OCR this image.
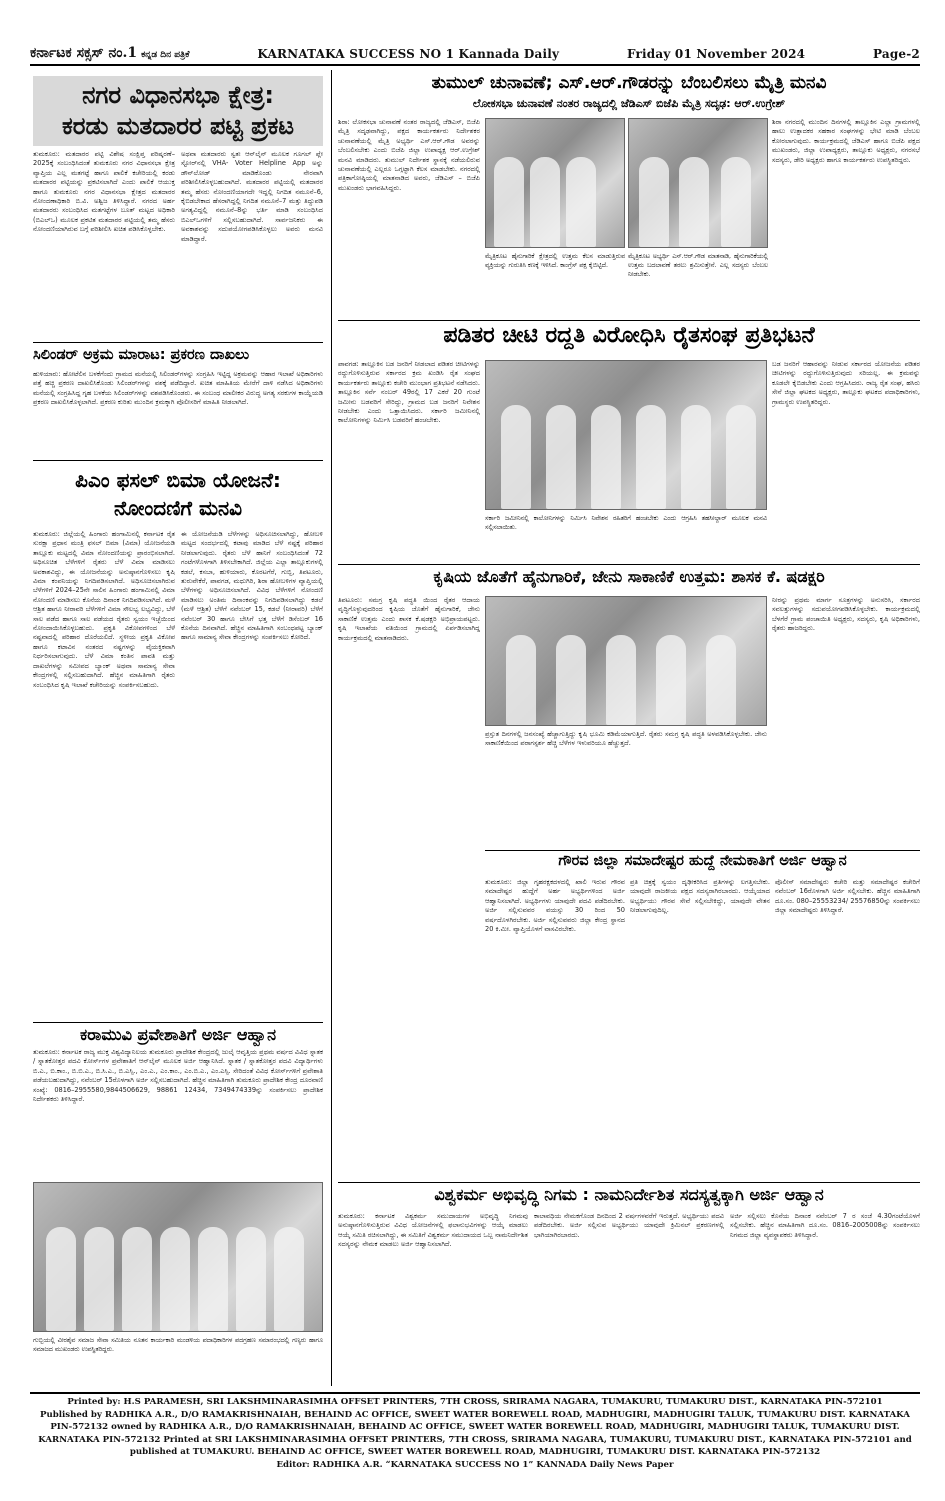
ಕರ್ನಾಟಕ ಸಕ್ಸಸ್ ನಂ.1 ಕನ್ನಡ ದಿನ ಪತ್ರಿಕೆ	KARNATAKA SUCCESS NO 1 Kannada Daily	Friday 01 November 2024	Page-2
ನಗರ ವಿಧಾನಸಭಾ ಕ್ಷೇತ್ರ:
ಕರಡು ಮತದಾರರ ಪಟ್ಟಿ ಪ್ರಕಟ
ತುಮಕೂರು: ಮತದಾರರ ಪಟ್ಟಿ ವಿಶೇಷ ಸಂಕ್ಷಿಪ್ತ ಪರಿಷ್ಕರಣೆ–2025ಕ್ಕೆ ಸಂಬಂಧಿಸಿದಂತೆ ತುಮಕೂರು ನಗರ ವಿಧಾನಸಭಾ ಕ್ಷೇತ್ರ ವ್ಯಾಪ್ತಿಯ ಎಲ್ಲ ಮತಗಟ್ಟೆ ಹಾಗೂ ಪಾಲಿಕೆ ಕಚೇರಿಯಲ್ಲಿ ಕರಡು ಮತದಾರರ ಪಟ್ಟಿಯನ್ನು ಪ್ರಕಟಿಸಲಾಗಿದೆ ಎಂದು ಪಾಲಿಕೆ ಆಯುಕ್ತ ಹಾಗೂ ತುಮಕೂರು ನಗರ ವಿಧಾನಸಭಾ ಕ್ಷೇತ್ರದ ಮತದಾರರ ನೋಂದಣಾಧಿಕಾರಿ ಬಿ.ವಿ. ಅಶ್ವಿಜ ತಿಳಿಸಿದ್ದಾರೆ. ನಗರದ ಅರ್ಹ ಮತದಾರರು ಸಂಬಂಧಿಸಿದ ಮತಗಟ್ಟೆಗಳ ಬೂತ್ ಮಟ್ಟದ ಅಧಿಕಾರಿ (ಬಿಎಲ್‌ಒ) ಮೂಲಕ ಪ್ರಕಟಿತ ಮತದಾರರ ಪಟ್ಟಿಯಲ್ಲಿ ತಮ್ಮ ಹೆಸರು ನೋಂದಣಿಯಾಗಿರುವ ಬಗ್ಗೆ ಪರಿಶೀಲಿಸಿ ಖಚಿತ ಪಡಿಸಿಕೊಳ್ಳಬೇಕು.
ಅಥವಾ ಮತದಾರರು ಸ್ವತಃ ಆನ್‌ಲೈನ್ ಮೂಲಕ ಗೂಗಲ್ ಪ್ಲೇ ಸ್ಟೋರ್‌ನಲ್ಲಿ VHA- Voter Helpline App ಅನ್ನು ಡೌನ್‌ಲೋಡ್ ಮಾಡಿಕೊಂಡು ನೇರವಾಗಿ ಪರಿಶೀಲಿಸಿಕೊಳ್ಳಬಹುದಾಗಿದೆ. ಮತದಾರರ ಪಟ್ಟಿಯಲ್ಲಿ ಮತದಾರರ ತಮ್ಮ ಹೆಸರು ನೋಂದಣಿಯಾಗದೇ ಇದ್ದಲ್ಲಿ ನಿಗದಿತ ನಮೂನೆ–6, ಕೈಬಿಡಬೇಕಾದ ಹೆಸರಾಗಿದ್ದಲ್ಲಿ ನಿಗದಿತ ನಮೂನೆ–7 ಮತ್ತು ತಿದ್ದುಪಡಿ ಅಗತ್ಯವಿದ್ದಲ್ಲಿ ನಮೂನೆ–8ನ್ನು ಭರ್ತಿ ಮಾಡಿ ಸಂಬಂಧಿಸಿದ ಬಿಎಲ್‌ಒಗಳಿಗೆ ಸಲ್ಲಿಸಬಹುದಾಗಿದೆ. ಸಾರ್ವಜನಿಕರು ಈ ಅವಕಾಶವನ್ನು ಸದುಪಯೋಗಪಡಿಸಿಕೊಳ್ಳಲು ಅವರು ಮನವಿ ಮಾಡಿದ್ದಾರೆ.
ಸಿಲಿಂಡರ್ ಅಕ್ರಮ ಮಾರಾಟ: ಪ್ರಕರಣ ದಾಖಲು
ಹುಳಿಯಾರು: ಹೋಟೆಲಿನ ಬಳಕೆಗೆಂದು ಗ್ರಾಮದ ಮನೆಯಲ್ಲಿ ಸಿಲಿಂಡರ್‌ಗಳನ್ನು ಸಂಗ್ರಹಿಸಿ ಇಟ್ಟಿದ್ದ ಅಕ್ರಮವನ್ನು ಆಹಾರ ಇಲಾಖೆ ಅಧಿಕಾರಿಗಳು ಪತ್ತೆ ಹಚ್ಚಿ ಪ್ರಕರಣ ದಾಖಲಿಸಿಕೊಂಡು ಸಿಲಿಂಡರ್‌ಗಳನ್ನು ವಶಕ್ಕೆ ಪಡೆದಿದ್ದಾರೆ. ಖಚಿತ ಮಾಹಿತಿಯ ಮೇರೆಗೆ ದಾಳಿ ನಡೆಸಿದ ಅಧಿಕಾರಿಗಳು ಮನೆಯಲ್ಲಿ ಸಂಗ್ರಹಿಸಿದ್ದ ಗೃಹ ಬಳಕೆಯ ಸಿಲಿಂಡರ್‌ಗಳನ್ನು ವಶಪಡಿಸಿಕೊಂಡರು. ಈ ಸಂಬಂಧ ಮಾಲೀಕರ ವಿರುದ್ಧ ಅಗತ್ಯ ಸರಕುಗಳ ಕಾಯ್ದೆಯಡಿ ಪ್ರಕರಣ ದಾಖಲಿಸಿಕೊಳ್ಳಲಾಗಿದೆ. ಪ್ರಕರಣ ಕುರಿತು ಮುಂದಿನ ಕ್ರಮಕ್ಕಾಗಿ ಪೊಲೀಸರಿಗೆ ಮಾಹಿತಿ ನೀಡಲಾಗಿದೆ.
ಪಿಎಂ ಫಸಲ್ ಬಿಮಾ ಯೋಜನೆ:
ನೋಂದಣಿಗೆ ಮನವಿ
ತುಮಕೂರು: ಜಿಲ್ಲೆಯಲ್ಲಿ ಹಿಂಗಾರು ಹಂಗಾಮಿನಲ್ಲಿ ಕರ್ನಾಟಕ ರೈತ ಸುರಕ್ಷಾ ಪ್ರಧಾನ ಮಂತ್ರಿ ಫಸಲ್ ಬಿಮಾ (ವಿಮಾ) ಯೋಜನೆಯಡಿ ತಾಲ್ಲೂಕು ಮಟ್ಟದಲ್ಲಿ ವಿಮಾ ನೋಂದಣಿಯನ್ನು ಪ್ರಾರಂಭಿಸಲಾಗಿದೆ. ಅಧಿಸೂಚಿತ ಬೆಳೆಗಳಿಗೆ ರೈತರು ಬೆಳೆ ವಿಮಾ ಮಾಡಿಸಲು ಅವಕಾಶವಿದ್ದು, ಈ ಯೋಜನೆಯನ್ನು ಅನುಷ್ಠಾನಗೊಳಿಸಲು ಕೃಷಿ ವಿಮಾ ಕಂಪನಿಯನ್ನು ನಿಗದಿಪಡಿಸಲಾಗಿದೆ. ಅಧಿಸೂಚಿಸಲಾಗಿರುವ ಬೆಳೆಗಳಿಗೆ 2024–25ನೇ ಸಾಲಿನ ಹಿಂಗಾರು ಹಂಗಾಮಿನಲ್ಲಿ ವಿಮಾ ನೋಂದಣಿ ಮಾಡಿಸಲು ಕೊನೆಯ ದಿನಾಂಕ ನಿಗದಿಪಡಿಸಲಾಗಿದೆ. ಮಳೆ ಆಶ್ರಿತ ಹಾಗೂ ನೀರಾವರಿ ಬೆಳೆಗಳಿಗೆ ವಿಮಾ ಸೌಲಭ್ಯ ಲಭ್ಯವಿದ್ದು, ಬೆಳೆ ಸಾಲ ಪಡೆದ ಹಾಗೂ ಸಾಲ ಪಡೆಯದ ರೈತರು ಸ್ವಯಂ ಇಚ್ಛೆಯಿಂದ ನೋಂದಾಯಿಸಿಕೊಳ್ಳಬಹುದು. ಪ್ರಕೃತಿ ವಿಕೋಪಗಳಿಂದ ಬೆಳೆ ನಷ್ಟವಾದಲ್ಲಿ ಪರಿಹಾರ ದೊರೆಯಲಿದೆ. ಸ್ಥಳೀಯ ಪ್ರಕೃತಿ ವಿಕೋಪ ಹಾಗೂ ಕಟಾವಿನ ನಂತರದ ನಷ್ಟಗಳನ್ನು ವೈಯಕ್ತಿಕವಾಗಿ ನಿರ್ಧರಿಸಲಾಗುವುದು. ಬೆಳೆ ವಿಮಾ ಕಂತಿನ ಪಾವತಿ ಮತ್ತು ದಾಖಲೆಗಳನ್ನು ಸಮೀಪದ ಬ್ಯಾಂಕ್ ಅಥವಾ ಸಾಮಾನ್ಯ ಸೇವಾ ಕೇಂದ್ರಗಳಲ್ಲಿ ಸಲ್ಲಿಸಬಹುದಾಗಿದೆ. ಹೆಚ್ಚಿನ ಮಾಹಿತಿಗಾಗಿ ರೈತರು ಸಂಬಂಧಿಸಿದ ಕೃಷಿ ಇಲಾಖೆ ಕಚೇರಿಯನ್ನು ಸಂಪರ್ಕಿಸಬಹುದು.
ಈ ಯೋಜನೆಯಡಿ ಬೆಳೆಗಳನ್ನು ಅಧಿಸೂಚಿಸಲಾಗಿದ್ದು, ಹೋಬಳಿ ಮಟ್ಟದ ಸಂದರ್ಭದಲ್ಲಿ ಕಟಾವು ಮಾಡಿದ ಬೆಳೆ ನಷ್ಟಕ್ಕೆ ಪರಿಹಾರ ನೀಡಲಾಗುವುದು. ರೈತರು ಬೆಳೆ ಹಾನಿಗೆ ಸಂಬಂಧಿಸಿದಂತೆ 72 ಗಂಟೆಗಳೊಳಗಾಗಿ ತಿಳಿಸಬೇಕಾಗಿದೆ. ಜಿಲ್ಲೆಯ ಎಲ್ಲಾ ತಾಲ್ಲೂಕುಗಳಲ್ಲಿ ಕಡಲೆ, ಕಸಬಾ, ಹುಳಿಯಾರು, ಕೊರಟಗೆರೆ, ಗುಬ್ಬಿ, ತಿಪಟೂರು, ತುರುವೇಕೆರೆ, ಪಾವಗಡ, ಮಧುಗಿರಿ, ಶಿರಾ ಹೋಬಳಿಗಳ ವ್ಯಾಪ್ತಿಯಲ್ಲಿ ಬೆಳೆಗಳನ್ನು ಅಧಿಸೂಚಿಸಲಾಗಿದೆ. ವಿವಿಧ ಬೆಳೆಗಳಿಗೆ ನೋಂದಣಿ ಮಾಡಿಸಲು ಅಂತಿಮ ದಿನಾಂಕವನ್ನು ನಿಗದಿಪಡಿಸಲಾಗಿದ್ದು ಕಡಲೆ (ಮಳೆ ಆಶ್ರಿತ) ಬೆಳೆಗೆ ನವೆಂಬರ್ 15, ಕಡಲೆ (ನೀರಾವರಿ) ಬೆಳೆಗೆ ನವೆಂಬರ್ 30 ಹಾಗೂ ಬೇಸಿಗೆ ಭತ್ತ ಬೆಳೆಗೆ ಡಿಸೆಂಬರ್ 16 ಕೊನೆಯ ದಿನವಾಗಿದೆ. ಹೆಚ್ಚಿನ ಮಾಹಿತಿಗಾಗಿ ಸಂಬಂಧಪಟ್ಟ ಬ್ಯಾಂಕ್ ಹಾಗೂ ಸಾಮಾನ್ಯ ಸೇವಾ ಕೇಂದ್ರಗಳನ್ನು ಸಂಪರ್ಕಿಸಲು ಕೋರಿದೆ.
ಕರಾಮುವಿ ಪ್ರವೇಶಾತಿಗೆ ಅರ್ಜಿ ಆಹ್ವಾನ
ತುಮಕೂರು: ಕರ್ನಾಟಕ ರಾಜ್ಯ ಮುಕ್ತ ವಿಶ್ವವಿದ್ಯಾನಿಲಯ ತುಮಕೂರು ಪ್ರಾದೇಶಿಕ ಕೇಂದ್ರದಲ್ಲಿ ಜುಲೈ ಆವೃತ್ತಿಯ ಪ್ರಥಮ ವರ್ಷದ ವಿವಿಧ ಸ್ನಾತಕ / ಸ್ನಾತಕೋತ್ತರ ಪದವಿ ಕೋರ್ಸ್‌ಗಳ ಪ್ರವೇಶಾತಿಗೆ ಆನ್‌ಲೈನ್ ಮೂಲಕ ಅರ್ಜಿ ಆಹ್ವಾನಿಸಿದೆ. ಸ್ನಾತಕ / ಸ್ನಾತಕೋತ್ತರ ಪದವಿ ವಿದ್ಯಾರ್ಥಿಗಳು ಬಿ.ಎ., ಬಿ.ಕಾಂ., ಬಿ.ಬಿ.ಎ., ಬಿ.ಸಿ.ಎ., ಬಿ.ಎಸ್ಸಿ., ಎಂ.ಎ., ಎಂ.ಕಾಂ., ಎಂ.ಬಿ.ಎ., ಎಂ.ಎಸ್ಸಿ. ಸೇರಿದಂತೆ ವಿವಿಧ ಕೋರ್ಸ್‌ಗಳಿಗೆ ಪ್ರವೇಶಾತಿ ಪಡೆಯಬಹುದಾಗಿದ್ದು, ನವೆಂಬರ್ 15ರೊಳಗಾಗಿ ಅರ್ಜಿ ಸಲ್ಲಿಸಬಹುದಾಗಿದೆ. ಹೆಚ್ಚಿನ ಮಾಹಿತಿಗಾಗಿ ತುಮಕೂರು ಪ್ರಾದೇಶಿಕ ಕೇಂದ್ರ ದೂರವಾಣಿ ಸಂಖ್ಯೆ: 0816–2955580,9844506629, 98861 12434, 7349474339ನ್ನು ಸಂಪರ್ಕಿಸಲು ಪ್ರಾದೇಶಿಕ ನಿರ್ದೇಶಕರು ತಿಳಿಸಿದ್ದಾರೆ.
ಗುಬ್ಬಿಯಲ್ಲಿ ವೀರಶೈವ ಸಮಾಜ ಸೇವಾ ಸಮಿತಿಯ ನೂತನ ಕಾರ್ಯಕಾರಿ ಮಂಡಳಿಯ ಪದಾಧಿಕಾರಿಗಳ ಪದಗ್ರಹಣ ಸಮಾರಂಭದಲ್ಲಿ ಗಣ್ಯರು ಹಾಗೂ ಸಮಾಜದ ಮುಖಂಡರು ಉಪಸ್ಥಿತರಿದ್ದರು.
ತುಮುಲ್ ಚುನಾವಣೆ; ಎಸ್.ಆರ್.ಗೌಡರನ್ನು ಬೆಂಬಲಿಸಲು ಮೈತ್ರಿ ಮನವಿ
ಲೋಕಸಭಾ ಚುನಾವಣೆ ನಂತರ ರಾಜ್ಯದಲ್ಲಿ ಜೆಡಿಎಸ್ ಬಿಜೆಪಿ ಮೈತ್ರಿ ಸದೃಢ: ಆರ್.ಉಗ್ರೇಶ್
ಶಿರಾ: ಲೋಕಸಭಾ ಚುನಾವಣೆ ನಂತರ ರಾಜ್ಯದಲ್ಲಿ ಜೆಡಿಎಸ್, ಬಿಜೆಪಿ ಮೈತ್ರಿ ಸದೃಢವಾಗಿದ್ದು, ಪಕ್ಷದ ಕಾರ್ಯಕರ್ತರು ನಿರ್ದೇಶಕರ ಚುನಾವಣೆಯಲ್ಲಿ ಮೈತ್ರಿ ಅಭ್ಯರ್ಥಿ ಎಸ್.ಆರ್.ಗೌಡ ಅವರನ್ನು ಬೆಂಬಲಿಸಬೇಕು ಎಂದು ಬಿಜೆಪಿ ಜಿಲ್ಲಾ ಉಪಾಧ್ಯಕ್ಷ ಆರ್.ಉಗ್ರೇಶ್ ಮನವಿ ಮಾಡಿದರು. ತುಮುಲ್ ನಿರ್ದೇಶಕ ಸ್ಥಾನಕ್ಕೆ ನಡೆಯಲಿರುವ ಚುನಾವಣೆಯಲ್ಲಿ ಎಲ್ಲರೂ ಒಗ್ಗಟ್ಟಾಗಿ ಕೆಲಸ ಮಾಡಬೇಕು. ನಗರದಲ್ಲಿ ಪತ್ರಿಕಾಗೋಷ್ಠಿಯಲ್ಲಿ ಮಾತನಾಡಿದ ಅವರು, ಜೆಡಿಎಸ್ – ಬಿಜೆಪಿ ಮುಖಂಡರು ಭಾಗವಹಿಸಿದ್ದರು.
ಮೈತ್ರಿಕೂಟ ಹೈನುಗಾರಿಕೆ ಕ್ಷೇತ್ರದಲ್ಲಿ ಉತ್ತಮ ಕೆಲಸ ಮಾಡುತ್ತಿರುವ ವ್ಯಕ್ತಿಯನ್ನು ಗುರುತಿಸಿ ಕಣಕ್ಕೆ ಇಳಿಸಿದೆ. ಕಾಂಗ್ರೆಸ್ ಪಕ್ಷ ಕೈಬಿಟ್ಟಿದೆ.
ಮೈತ್ರಿಕೂಟ ಅಭ್ಯರ್ಥಿ ಎಸ್.ಆರ್.ಗೌಡ ಮಾತನಾಡಿ, ಹೈನುಗಾರಿಕೆಯಲ್ಲಿ ಉತ್ತಮ ಬದಲಾವಣೆ ತರಲು ಶ್ರಮಿಸುತ್ತೇನೆ. ಎಲ್ಲ ಸದಸ್ಯರು ಬೆಂಬಲ ನೀಡಬೇಕು.
ಶಿರಾ ನಗರದಲ್ಲಿ ಮುಂದಿನ ದಿನಗಳಲ್ಲಿ ತಾಲ್ಲೂಕಿನ ಎಲ್ಲಾ ಗ್ರಾಮಗಳಲ್ಲಿ ಹಾಲು ಉತ್ಪಾದಕರ ಸಹಕಾರ ಸಂಘಗಳನ್ನು ಭೇಟಿ ಮಾಡಿ ಬೆಂಬಲ ಕೋರಲಾಗುವುದು. ಕಾರ್ಯಕ್ರಮದಲ್ಲಿ ಜೆಡಿಎಸ್ ಹಾಗೂ ಬಿಜೆಪಿ ಪಕ್ಷದ ಮುಖಂಡರು, ಜಿಲ್ಲಾ ಉಪಾಧ್ಯಕ್ಷರು, ತಾಲ್ಲೂಕು ಅಧ್ಯಕ್ಷರು, ನಗರಸಭೆ ಸದಸ್ಯರು, ಡೇರಿ ಅಧ್ಯಕ್ಷರು ಹಾಗೂ ಕಾರ್ಯಕರ್ತರು ಉಪಸ್ಥಿತರಿದ್ದರು.
ಪಡಿತರ ಚೀಟಿ ರದ್ದತಿ ವಿರೋಧಿಸಿ ರೈತಸಂಘ ಪ್ರತಿಭಟನೆ
ಪಾವಗಡ: ತಾಲ್ಲೂಕಿನ ಬಡ ಜನರಿಗೆ ನೀಡಲಾದ ಪಡಿತರ ಚೀಟಿಗಳನ್ನು ರದ್ದುಗೊಳಿಸುತ್ತಿರುವ ಸರ್ಕಾರದ ಕ್ರಮ ಖಂಡಿಸಿ ರೈತ ಸಂಘದ ಕಾರ್ಯಕರ್ತರು ತಾಲ್ಲೂಕು ಕಚೇರಿ ಮುಂಭಾಗ ಪ್ರತಿಭಟನೆ ನಡೆಸಿದರು. ತಾಲ್ಲೂಕಿನ ಸರ್ವೆ ನಂಬರ್ 49ರಲ್ಲಿ 17 ಎಕರೆ 20 ಗುಂಟೆ ಜಮೀನು ಬಡವರಿಗೆ ಸೇರಿದ್ದು, ಗ್ರಾಮದ ಬಡ ಜನರಿಗೆ ನಿವೇಶನ ನೀಡಬೇಕು ಎಂದು ಒತ್ತಾಯಿಸಿದರು. ಸರ್ಕಾರಿ ಜಮೀನಿನಲ್ಲಿ ಕಾಲೋನಿಗಳನ್ನು ನಿರ್ಮಿಸಿ ಬಡವರಿಗೆ ಹಂಚಬೇಕು.
ಸರ್ಕಾರಿ ಜಮೀನಿನಲ್ಲಿ ಕಾಲೋನಿಗಳನ್ನು ನಿರ್ಮಿಸಿ ನಿವೇಶನ ರಹಿತರಿಗೆ ಹಂಚಬೇಕು ಎಂದು ಆಗ್ರಹಿಸಿ ತಹಸೀಲ್ದಾರ್ ಮೂಲಕ ಮನವಿ ಸಲ್ಲಿಸಲಾಯಿತು.
ಬಡ ಜನರಿಗೆ ಆಹಾರವನ್ನು ನೀಡುವ ಸರ್ಕಾರದ ಯೋಜನೆಯ ಪಡಿತರ ಚೀಟಿಗಳನ್ನು ರದ್ದುಗೊಳಿಸುತ್ತಿರುವುದು ಸರಿಯಲ್ಲ. ಈ ಕ್ರಮವನ್ನು ಕೂಡಲೇ ಕೈಬಿಡಬೇಕು ಎಂದು ಆಗ್ರಹಿಸಿದರು. ರಾಜ್ಯ ರೈತ ಸಂಘ, ಹಸಿರು ಸೇನೆ ಜಿಲ್ಲಾ ಘಟಕದ ಅಧ್ಯಕ್ಷರು, ತಾಲ್ಲೂಕು ಘಟಕದ ಪದಾಧಿಕಾರಿಗಳು, ಗ್ರಾಮಸ್ಥರು ಉಪಸ್ಥಿತರಿದ್ದರು.
ಕೃಷಿಯ ಜೊತೆಗೆ ಹೈನುಗಾರಿಕೆ, ಜೇನು ಸಾಕಾಣಿಕೆ ಉತ್ತಮ: ಶಾಸಕ ಕೆ. ಷಡಕ್ಷರಿ
ತಿಪಟೂರು: ಸಮಗ್ರ ಕೃಷಿ ಪದ್ಧತಿ ಯಿಂದ ರೈತರ ಆದಾಯ ವೃದ್ಧಿಗೊಳ್ಳುವುದರಿಂದ ಕೃಷಿಯ ಜೊತೆಗೆ ಹೈನುಗಾರಿಕೆ, ಜೇನು ಸಾಕಾಣಿಕೆ ಉತ್ತಮ ಎಂದು ಶಾಸಕ ಕೆ.ಷಡಕ್ಷರಿ ಅಭಿಪ್ರಾಯಪಟ್ಟರು. ಕೃಷಿ ಇಲಾಖೆಯ ವತಿಯಿಂದ ಗ್ರಾಮದಲ್ಲಿ ಏರ್ಪಡಿಸಲಾಗಿದ್ದ ಕಾರ್ಯಕ್ರಮದಲ್ಲಿ ಮಾತನಾಡಿದರು.
ಪ್ರಸ್ತುತ ದಿನಗಳಲ್ಲಿ ಜನಸಂಖ್ಯೆ ಹೆಚ್ಚಾಗುತ್ತಿದ್ದು ಕೃಷಿ ಭೂಮಿ ಕಡಿಮೆಯಾಗುತ್ತಿದೆ. ರೈತರು ಸಮಗ್ರ ಕೃಷಿ ಪದ್ಧತಿ ಅಳವಡಿಸಿಕೊಳ್ಳಬೇಕು. ಜೇನು ಸಾಕಾಣಿಕೆಯಿಂದ ಪರಾಗಸ್ಪರ್ಶ ಹೆಚ್ಚಿ ಬೆಳೆಗಳ ಇಳುವರಿಯೂ ಹೆಚ್ಚುತ್ತದೆ.
ನೀರನ್ನು ಪ್ರಥಮ ಮಾರ್ಗ ಸೂತ್ರಗಳನ್ನು ಅನುಸರಿಸಿ, ಸರ್ಕಾರದ ಸವಲತ್ತುಗಳನ್ನು ಸದುಪಯೋಗಪಡಿಸಿಕೊಳ್ಳಬೇಕು. ಕಾರ್ಯಕ್ರಮದಲ್ಲಿ ಬೆಳಗೆರೆ ಗ್ರಾಮ ಪಂಚಾಯಿತಿ ಅಧ್ಯಕ್ಷರು, ಸದಸ್ಯರು, ಕೃಷಿ ಅಧಿಕಾರಿಗಳು, ರೈತರು ಹಾಜರಿದ್ದರು.
ಗೌರವ ಜಿಲ್ಲಾ ಸಮಾದೇಷ್ಟರ ಹುದ್ದೆ ನೇಮಕಾತಿಗೆ ಅರ್ಜಿ ಆಹ್ವಾನ
ತುಮಕೂರು: ಜಿಲ್ಲಾ ಗೃಹರಕ್ಷಕದಳದಲ್ಲಿ ಖಾಲಿ ಇರುವ ಗೌರವ ಸಮಾದೇಷ್ಟರ ಹುದ್ದೆಗೆ ಅರ್ಹ ಅಭ್ಯರ್ಥಿಗಳಿಂದ ಅರ್ಜಿ ಆಹ್ವಾನಿಸಲಾಗಿದೆ. ಅಭ್ಯರ್ಥಿಗಳು ಯಾವುದೇ ಪದವಿ ಪಡೆದಿರಬೇಕು. ಅರ್ಜಿ ಸಲ್ಲಿಸುವವರ ವಯಸ್ಸು 30 ರಿಂದ 50 ವರ್ಷದೊಳಗಿರಬೇಕು. ಅರ್ಜಿ ಸಲ್ಲಿಸುವವರು ಜಿಲ್ಲಾ ಕೇಂದ್ರ ಸ್ಥಾನದ 20 ಕಿ.ಮೀ. ವ್ಯಾಪ್ತಿಯೊಳಗೆ ವಾಸವಿರಬೇಕು.
ಪ್ರತಿ ಚಿತ್ರಕ್ಕೆ ಸ್ವಯಂ ದೃಢೀಕರಿಸಿದ ಪ್ರತಿಗಳನ್ನು ಲಗತ್ತಿಸಬೇಕು. ಯಾವುದೇ ರಾಜಕೀಯ ಪಕ್ಷದ ಸದಸ್ಯರಾಗಿರಬಾರದು. ಆಯ್ಕೆಯಾದ ಅಭ್ಯರ್ಥಿಯು ಗೌರವ ಸೇವೆ ಸಲ್ಲಿಸಬೇಕಿದ್ದು, ಯಾವುದೇ ವೇತನ ನೀಡಲಾಗುವುದಿಲ್ಲ.
ಪೊಲೀಸ್ ಸಮಾದೇಷ್ಟರು ಕಚೇರಿ ಮತ್ತು ಸಮಾದೇಷ್ಟರ ಕಚೇರಿಗೆ ನವೆಂಬರ್ 16ರೊಳಗಾಗಿ ಅರ್ಜಿ ಸಲ್ಲಿಸಬೇಕು. ಹೆಚ್ಚಿನ ಮಾಹಿತಿಗಾಗಿ ದೂ.ಸಂ. 080–25553234/ 25576850ನ್ನು ಸಂಪರ್ಕಿಸಲು ಜಿಲ್ಲಾ ಸಮಾದೇಷ್ಟರು ತಿಳಿಸಿದ್ದಾರೆ.
ವಿಶ್ವಕರ್ಮ ಅಭಿವೃದ್ಧಿ ನಿಗಮ : ನಾಮನಿರ್ದೇಶಿತ ಸದಸ್ಯತ್ವಕ್ಕಾಗಿ ಅರ್ಜಿ ಆಹ್ವಾನ
ತುಮಕೂರು: ಕರ್ನಾಟಕ ವಿಶ್ವಕರ್ಮ ಸಮುದಾಯಗಳ ಅಭಿವೃದ್ಧಿ ನಿಗಮವು ಅನುಷ್ಠಾನಗೊಳಿಸುತ್ತಿರುವ ವಿವಿಧ ಯೋಜನೆಗಳಲ್ಲಿ ಫಲಾನುಭವಿಗಳನ್ನು ಆಯ್ಕೆ ಮಾಡಲು ಆಯ್ಕೆ ಸಮಿತಿ ರಚಿಸಲಾಗಿದ್ದು, ಈ ಸಮಿತಿಗೆ ವಿಶ್ವಕರ್ಮ ಸಮುದಾಯದ ಒಬ್ಬ ನಾಮನಿರ್ದೇಶಿತ ಸದಸ್ಯರನ್ನು ನೇಮಕ ಮಾಡಲು ಅರ್ಜಿ ಆಹ್ವಾನಿಸಲಾಗಿದೆ.
ಕಾಲಾವಧಿಯ ನೇಮಕಗೊಂಡ ದಿನದಿಂದ 2 ವರ್ಷಗಳವರೆಗೆ ಇರುತ್ತದೆ. ಅಭ್ಯರ್ಥಿಯು ಪದವಿ ಪಡೆದಿರಬೇಕು. ಅರ್ಜಿ ಸಲ್ಲಿಸುವ ಅಭ್ಯರ್ಥಿಯು ಯಾವುದೇ ಕ್ರಿಮಿನಲ್ ಪ್ರಕರಣಗಳಲ್ಲಿ ಭಾಗಿಯಾಗಿರಬಾರದು.
ಅರ್ಜಿ ಸಲ್ಲಿಸಲು ಕೊನೆಯ ದಿನಾಂಕ ನವೆಂಬರ್ 7 ರ ಸಂಜೆ 4.30ಗಂಟೆಯೊಳಗೆ ಸಲ್ಲಿಸಬೇಕು. ಹೆಚ್ಚಿನ ಮಾಹಿತಿಗಾಗಿ ದೂ.ಸಂ. 0816–2005008ನ್ನು ಸಂಪರ್ಕಿಸಲು ನಿಗಮದ ಜಿಲ್ಲಾ ವ್ಯವಸ್ಥಾಪಕರು ತಿಳಿಸಿದ್ದಾರೆ.
Printed by: H.S PARAMESH, SRI LAKSHMINARASIMHA OFFSET PRINTERS, 7TH CROSS, SRIRAMA NAGARA, TUMAKURU, TUMAKURU DIST., KARNATAKA PIN-572101
Published by RADHIKA A.R., D/O RAMAKRISHNAIAH, BEHAIND AC OFFICE, SWEET WATER BOREWELL ROAD, MADHUGIRI, MADHUGIRI TALUK, TUMAKURU DIST. KARNATAKA
PIN-572132 owned by RADHIKA A.R., D/O RAMAKRISHNAIAH, BEHAIND AC OFFICE, SWEET WATER BOREWELL ROAD, MADHUGIRI, MADHUGIRI TALUK, TUMAKURU DIST.
KARNATAKA PIN-572132 Printed at SRI LAKSHMINARASIMHA OFFSET PRINTERS, 7TH CROSS, SRIRAMA NAGARA, TUMAKURU, TUMAKURU DIST., KARNATAKA PIN-572101 and
published at TUMAKURU. BEHAIND AC OFFICE, SWEET WATER BOREWELL ROAD, MADHUGIRI, TUMAKURU DIST. KARNATAKA PIN-572132
Editor: RADHIKA A.R. “KARNATAKA SUCCESS NO 1” KANNADA Daily News Paper
